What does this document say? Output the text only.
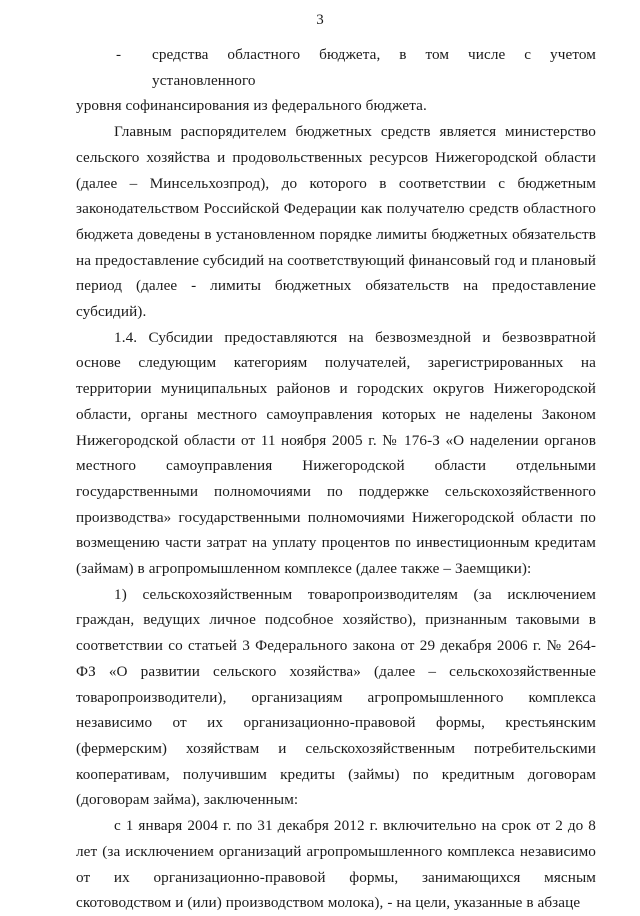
3
-	средства областного бюджета, в том числе с учетом установленного

уровня софинансирования из федерального бюджета.

Главным распорядителем бюджетных средств является министерство сельского хозяйства и продовольственных ресурсов Нижегородской области (далее – Минсельхозпрод), до которого в соответствии с бюджетным законодательством Российской Федерации как получателю средств областного бюджета доведены в установленном порядке лимиты бюджетных обязательств на предоставление субсидий на соответствующий финансовый год и плановый период (далее - лимиты бюджетных обязательств на предоставление субсидий).

1.4. Субсидии предоставляются на безвозмездной и безвозвратной основе следующим категориям получателей, зарегистрированных на территории муниципальных районов и городских округов Нижегородской области, органы местного самоуправления которых не наделены Законом Нижегородской области от 11 ноября 2005 г. № 176-З «О наделении органов местного самоуправления Нижегородской области отдельными государственными полномочиями по поддержке сельскохозяйственного производства» государственными полномочиями Нижегородской области по возмещению части затрат на уплату процентов по инвестиционным кредитам (займам) в агропромышленном комплексе (далее также – Заемщики):

1) сельскохозяйственным товаропроизводителям (за исключением граждан, ведущих личное подсобное хозяйство), признанным таковыми в соответствии со статьей 3 Федерального закона от 29 декабря 2006 г. № 264-ФЗ «О развитии сельского хозяйства» (далее – сельскохозяйственные товаропроизводители), организациям агропромышленного комплекса независимо от их организационно-правовой формы, крестьянским (фермерским) хозяйствам и сельскохозяйственным потребительскими кооперативам, получившим кредиты (займы) по кредитным договорам (договорам займа), заключенным:

с 1 января 2004 г. по 31 декабря 2012 г. включительно на срок от 2 до 8 лет (за исключением организаций агропромышленного комплекса независимо от их организационно-правовой формы, занимающихся мясным скотоводством и (или) производством молока), - на цели, указанные в абзаце
